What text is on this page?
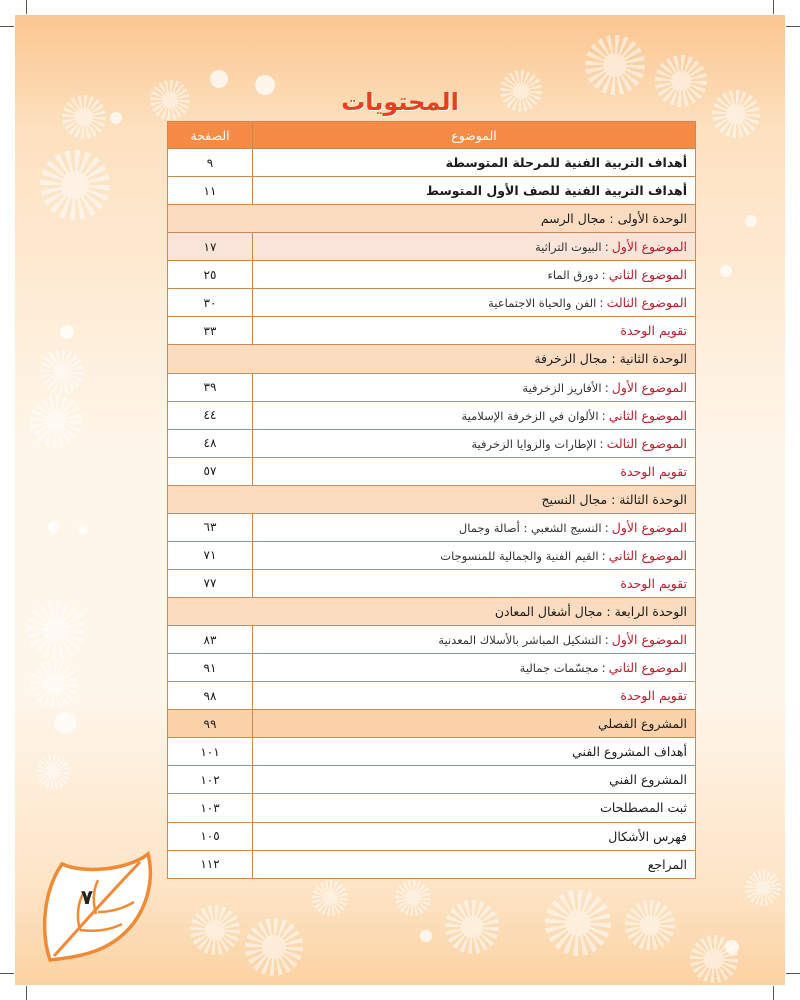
المحتويات
الموضوع	الصفحة
أهداف التربية الفنية للمرحلة المتوسطة	٩
أهداف التربية الفنية للصف الأول المتوسط	١١
الوحدة الأولى : مجال الرسم	
الموضوع الأول:البيوت التراثية	١٧
الموضوع الثاني:دورق الماء	٢٥
الموضوع الثالث:الفن والحياة الاجتماعية	٣٠
تقويم الوحدة	٣٣
الوحدة الثانية : مجال الزخرفة	
الموضوع الأول:الأفاريز الزخرفية	٣٩
الموضوع الثاني:الألوان في الزخرفة الإسلامية	٤٤
الموضوع الثالث:الإطارات والزوايا الزخرفية	٤٨
تقويم الوحدة	٥٧
الوحدة الثالثة : مجال النسيج	
الموضوع الأول:النسيج الشعبي : أصالة وجمال	٦٣
الموضوع الثاني:القيم الفنية والجمالية للمنسوجات	٧١
تقويم الوحدة	٧٧
الوحدة الرابعة : مجال أشغال المعادن	
الموضوع الأول:التشكيل المباشر بالأسلاك المعدنية	٨٣
الموضوع الثاني:مجسّمات جمالية	٩١
تقويم الوحدة	٩٨
المشروع الفصلي	٩٩
أهداف المشروع الفني	١٠١
المشروع الفني	١٠٢
ثبت المصطلحات	١٠٣
فهرس الأشكال	١٠٥
المراجع	١١٢
٧
